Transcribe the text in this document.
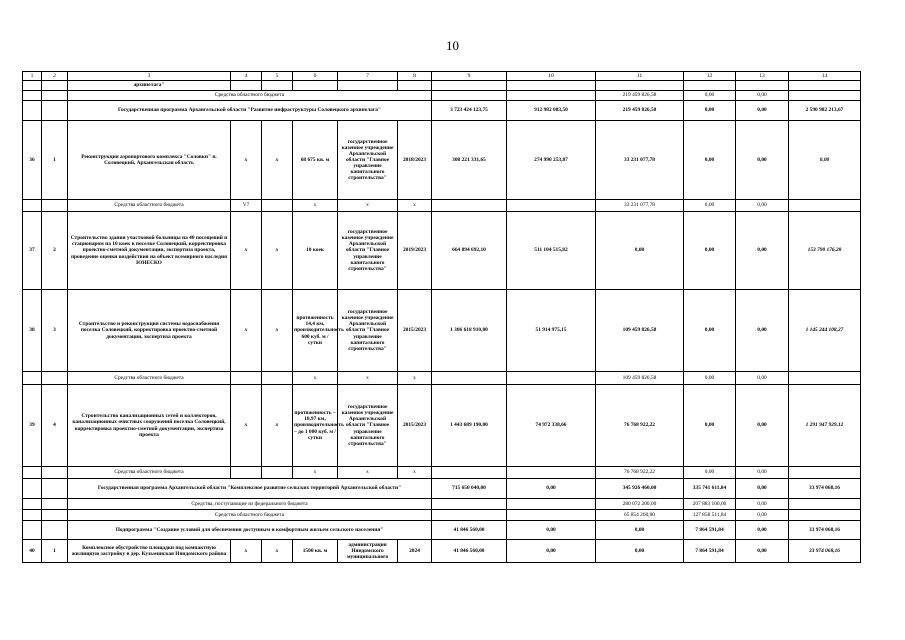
10
1	2	3	4	5	6	7	8	9	10	11	12	13	14
		архипелага"											
		Средства областного бюджета								219 459 826,58	0,00	0,00	
		Государственная программа Архангельской области "Развитие инфраструктуры Соловецкого архипелага"						3 723 424 123,75	912 982 083,50	219 459 826,58	0,00	0,00	2 590 982 213,67
36	1	Реконструкция аэропортового комплекса "Соловки" п. Соловецкий, Архангельская область	x	x	68 675 кв. м	государственное казенное учреждение Архангельской области "Главное управление капитального строительства"	2018/2023	308 221 331,65	274 990 253,87	33 231 077,78	0,00	0,00	0,00
		Средства областного бюджета	V7		x	x	x			33 231 077,78	0,00	0,00	
37	2	Строительство здания участковой больницы на 40 посещений и стационаром на 10 коек в поселке Соловецкий, корректировка проектно-сметной документации, экспертиза проекта, проведение оценки воздействия на объект всемирного наследия ЮНЕСКО	x	x	10 коек	государственное казенное учреждение Архангельской области "Главное управление капитального строительства"	2019/2023	664 894 692,10	511 104 515,82	0,00	0,00	0,00	153 790 176,28
38	3	Строительство и реконструкция системы водоснабжения поселка Соловецкий, корректировка проектно-сметной документации, экспертиза проекта	x	x	протяженность 14,4 км, производительность 600 куб. м / сутки	государственное казенное учреждение Архангельской области "Главное управление капитального строительства"	2015/2023	1 306 618 910,00	51 914 975,15	109 459 826,58	0,00	0,00	1 145 244 108,27
		Средства областного бюджета			x	x	x			109 459 826,58	0,00	0,00	
39	4	Строительство канализационных сетей и коллекторов, канализационных очистных сооружений поселка Соловецкий, корректировка проектно-сметной документации, экспертиза проекта	x	x	протяженность – 10,97 км, производительность – до 1 000 куб. м / сутки	государственное казенное учреждение Архангельской области "Главное управление капитального строительства"	2015/2023	1 443 689 190,00	74 972 338,66	76 768 922,22	0,00	0,00	1 291 947 929,12
		Средства областного бюджета			x	x	x			76 768 922,22	0,00	0,00	
		Государственная программа Архангельской области "Комплексное развитие сельских территорий Архангельской области"						715 650 040,00	0,00	345 926 460,00	335 741 611,84	0,00	33 974 068,16
		Средства, поступающие из федерального бюджета								280 072 200,00	207 883 100,00	0,00	
		Средства областного бюджета								65 854 260,00	127 858 511,84	0,00	
		Подпрограмма "Создание условий для обеспечения доступным и комфортным жильем сельского населения"						41 846 560,00	0,00	0,00	7 864 591,84	0,00	33 974 068,16
40	1	Комплексное обустройство площадки под компактную жилищную застройку в дер. Кузьминская Няндомского района	x	x	1500 кв. м	администрация Няндомского муниципального	2024	41 846 560,00	0,00	0,00	7 864 591,84	0,00	33 974 068,16
